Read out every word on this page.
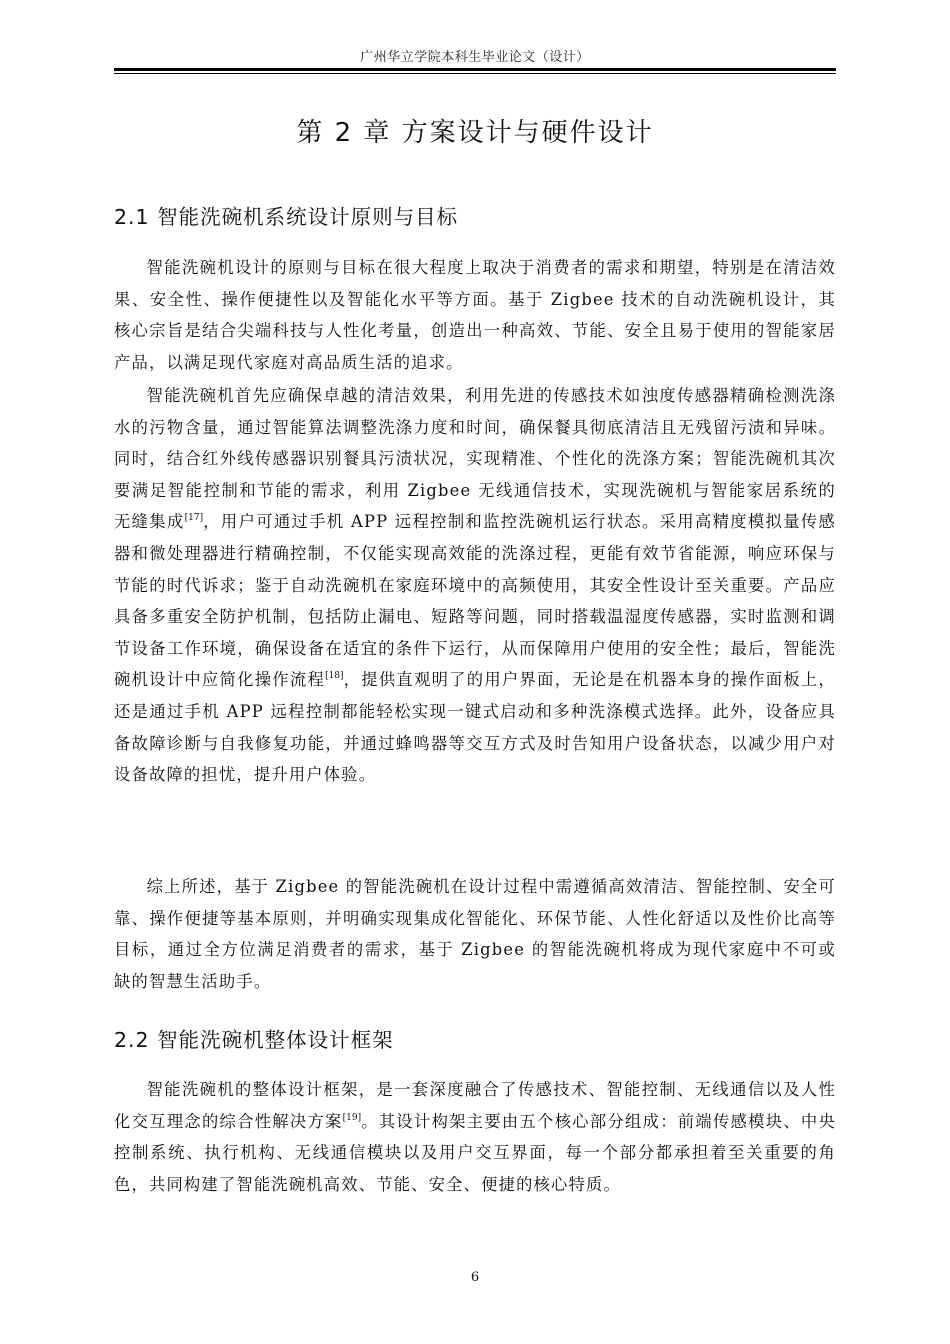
广州华立学院本科生毕业论文（设计）
第 2 章 方案设计与硬件设计
2.1 智能洗碗机系统设计原则与目标

智能洗碗机设计的原则与目标在很大程度上取决于消费者的需求和期望，特别是在清洁效果、安全性、操作便捷性以及智能化水平等方面。基于 Zigbee 技术的自动洗碗机设计，其核心宗旨是结合尖端科技与人性化考量，创造出一种高效、节能、安全且易于使用的智能家居产品，以满足现代家庭对高品质生活的追求。

智能洗碗机首先应确保卓越的清洁效果，利用先进的传感技术如浊度传感器精确检测洗涤水的污物含量，通过智能算法调整洗涤力度和时间，确保餐具彻底清洁且无残留污渍和异味。同时，结合红外线传感器识别餐具污渍状况，实现精准、个性化的洗涤方案；智能洗碗机其次要满足智能控制和节能的需求，利用 Zigbee 无线通信技术，实现洗碗机与智能家居系统的无缝集成[17]，用户可通过手机 APP 远程控制和监控洗碗机运行状态。采用高精度模拟量传感器和微处理器进行精确控制，不仅能实现高效能的洗涤过程，更能有效节省能源，响应环保与节能的时代诉求；鉴于自动洗碗机在家庭环境中的高频使用，其安全性设计至关重要。产品应具备多重安全防护机制，包括防止漏电、短路等问题，同时搭载温湿度传感器，实时监测和调节设备工作环境，确保设备在适宜的条件下运行，从而保障用户使用的安全性；最后，智能洗碗机设计中应简化操作流程[18]，提供直观明了的用户界面，无论是在机器本身的操作面板上，还是通过手机 APP 远程控制都能轻松实现一键式启动和多种洗涤模式选择。此外，设备应具备故障诊断与自我修复功能，并通过蜂鸣器等交互方式及时告知用户设备状态，以减少用户对设备故障的担忧，提升用户体验。

综上所述，基于 Zigbee 的智能洗碗机在设计过程中需遵循高效清洁、智能控制、安全可靠、操作便捷等基本原则，并明确实现集成化智能化、环保节能、人性化舒适以及性价比高等目标，通过全方位满足消费者的需求，基于 Zigbee 的智能洗碗机将成为现代家庭中不可或缺的智慧生活助手。

2.2 智能洗碗机整体设计框架

智能洗碗机的整体设计框架，是一套深度融合了传感技术、智能控制、无线通信以及人性化交互理念的综合性解决方案[19]。其设计构架主要由五个核心部分组成：前端传感模块、中央控制系统、执行机构、无线通信模块以及用户交互界面，每一个部分都承担着至关重要的角色，共同构建了智能洗碗机高效、节能、安全、便捷的核心特质。

6
